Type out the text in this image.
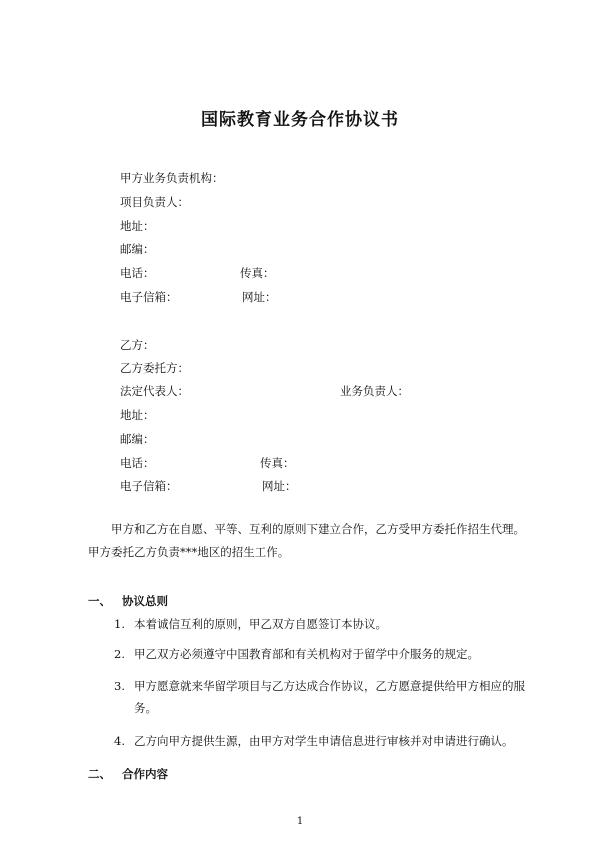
国际教育业务合作协议书
甲方业务负责机构：
项目负责人：
地址：
邮编：
电话：	传真：
电子信箱：	网址：
乙方：
乙方委托方：
法定代表人：	业务负责人：
地址：
邮编：
电话：	传真：
电子信箱：	网址：
甲方和乙方在自愿、平等、互利的原则下建立合作，乙方受甲方委托作招生代理。甲方委托乙方负责***地区的招生工作。
一、 协议总则
1. 本着诚信互利的原则，甲乙双方自愿签订本协议。
2. 甲乙双方必须遵守中国教育部和有关机构对于留学中介服务的规定。
3. 甲方愿意就来华留学项目与乙方达成合作协议，乙方愿意提供给甲方相应的服务。
4. 乙方向甲方提供生源，由甲方对学生申请信息进行审核并对申请进行确认。
二、 合作内容
1
